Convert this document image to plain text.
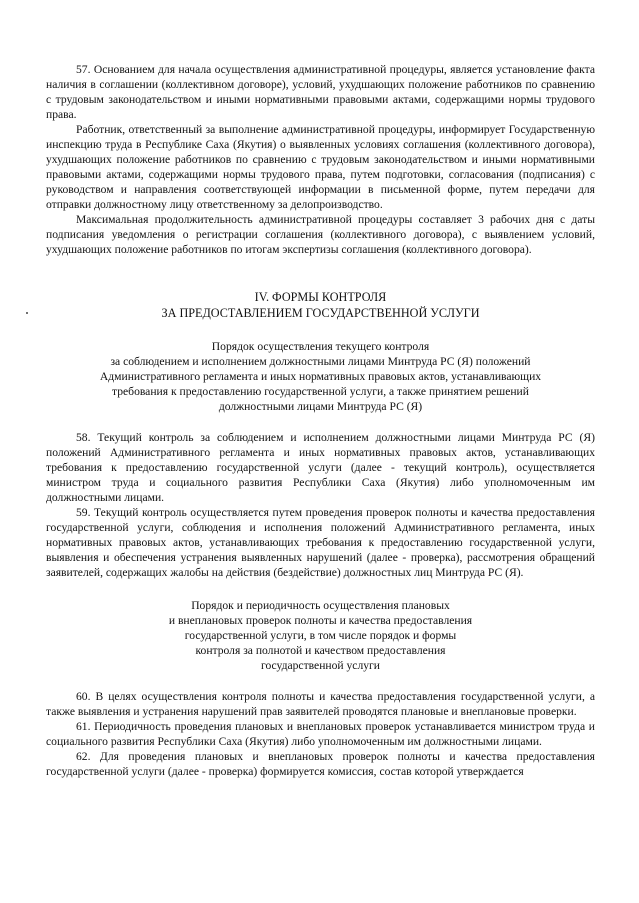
57. Основанием для начала осуществления административной процедуры, является установление факта наличия в соглашении (коллективном договоре), условий, ухудшающих положение работников по сравнению с трудовым законодательством и иными нормативными правовыми актами, содержащими нормы трудового права.

Работник, ответственный за выполнение административной процедуры, информирует Государственную инспекцию труда в Республике Саха (Якутия) о выявленных условиях соглашения (коллективного договора), ухудшающих положение работников по сравнению с трудовым законодательством и иными нормативными правовыми актами, содержащими нормы трудового права, путем подготовки, согласования (подписания) с руководством и направления соответствующей информации в письменной форме, путем передачи для отправки должностному лицу ответственному за делопроизводство.

Максимальная продолжительность административной процедуры составляет 3 рабочих дня с даты подписания уведомления о регистрации соглашения (коллективного договора), с выявлением условий, ухудшающих положение работников по итогам экспертизы соглашения (коллективного договора).

IV. ФОРМЫ КОНТРОЛЯ
ЗА ПРЕДОСТАВЛЕНИЕМ ГОСУДАРСТВЕННОЙ УСЛУГИ
Порядок осуществления текущего контроля
за соблюдением и исполнением должностными лицами Минтруда РС (Я) положений
Административного регламента и иных нормативных правовых актов, устанавливающих
требования к предоставлению государственной услуги, а также принятием решений
должностными лицами Минтруда РС (Я)

58. Текущий контроль за соблюдением и исполнением должностными лицами Минтруда РС (Я) положений Административного регламента и иных нормативных правовых актов, устанавливающих требования к предоставлению государственной услуги (далее - текущий контроль), осуществляется министром труда и социального развития Республики Саха (Якутия) либо уполномоченным им должностными лицами.

59. Текущий контроль осуществляется путем проведения проверок полноты и качества предоставления государственной услуги, соблюдения и исполнения положений Административного регламента, иных нормативных правовых актов, устанавливающих требования к предоставлению государственной услуги, выявления и обеспечения устранения выявленных нарушений (далее - проверка), рассмотрения обращений заявителей, содержащих жалобы на действия (бездействие) должностных лиц Минтруда РС (Я).

Порядок и периодичность осуществления плановых
и внеплановых проверок полноты и качества предоставления
государственной услуги, в том числе порядок и формы
контроля за полнотой и качеством предоставления
государственной услуги

60. В целях осуществления контроля полноты и качества предоставления государственной услуги, а также выявления и устранения нарушений прав заявителей проводятся плановые и внеплановые проверки.

61. Периодичность проведения плановых и внеплановых проверок устанавливается министром труда и социального развития Республики Саха (Якутия) либо уполномоченным им должностными лицами.

62. Для проведения плановых и внеплановых проверок полноты и качества предоставления государственной услуги (далее - проверка) формируется комиссия, состав которой утверждается
